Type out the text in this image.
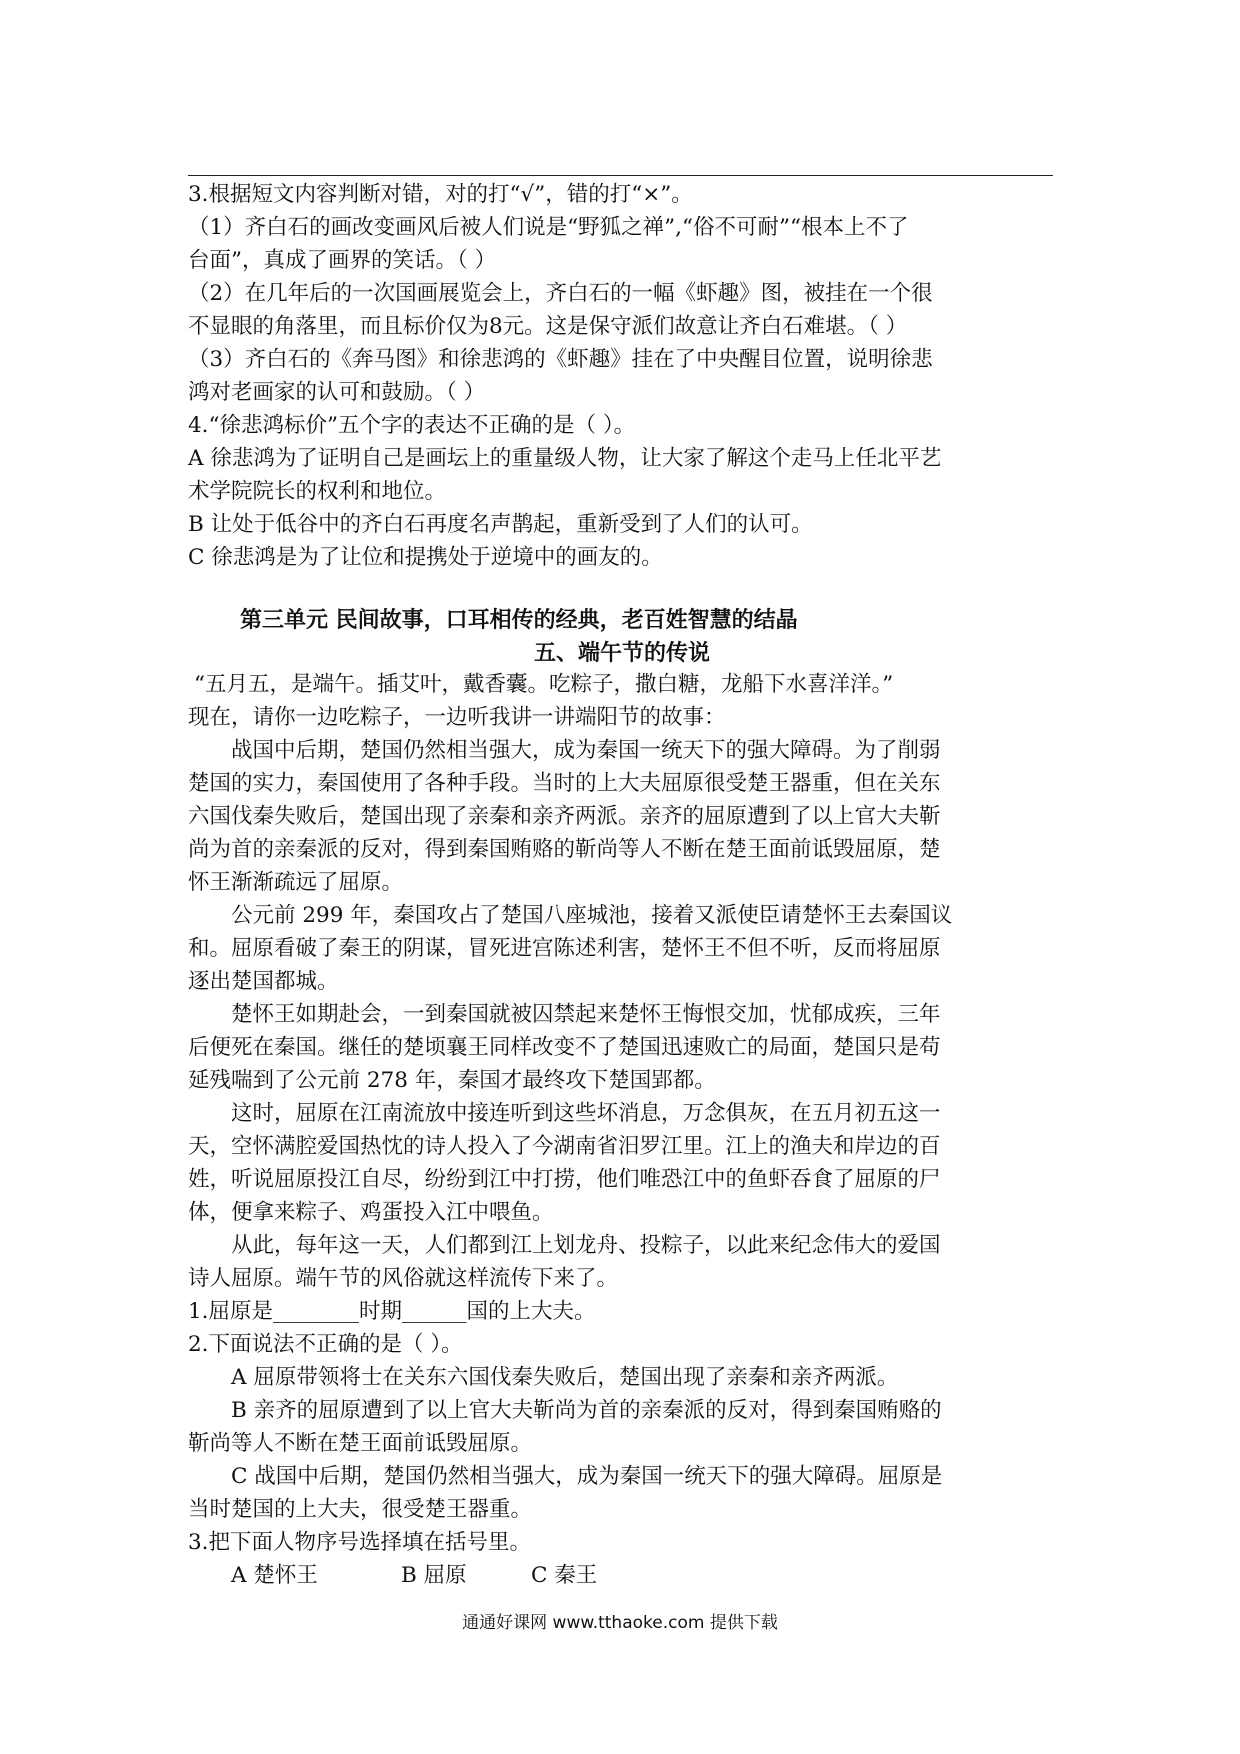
3.根据短文内容判断对错，对的打“√”，错的打“×”。
（1）齐白石的画改变画风后被人们说是“野狐之禅”,“俗不可耐”“根本上不了
台面”，真成了画界的笑话。（ ）
（2）在几年后的一次国画展览会上，齐白石的一幅《虾趣》图，被挂在一个很
不显眼的角落里，而且标价仅为8元。这是保守派们故意让齐白石难堪。（ ）
（3）齐白石的《奔马图》和徐悲鸿的《虾趣》挂在了中央醒目位置，说明徐悲
鸿对老画家的认可和鼓励。（ ）
4.“徐悲鸿标价”五个字的表达不正确的是（ ）。
A 徐悲鸿为了证明自己是画坛上的重量级人物，让大家了解这个走马上任北平艺
术学院院长的权利和地位。
B 让处于低谷中的齐白石再度名声鹊起，重新受到了人们的认可。
C 徐悲鸿是为了让位和提携处于逆境中的画友的。
第三单元 民间故事，口耳相传的经典，老百姓智慧的结晶
五、端午节的传说
“五月五，是端午。插艾叶，戴香囊。吃粽子，撒白糖，龙船下水喜洋洋。”
现在，请你一边吃粽子，一边听我讲一讲端阳节的故事：
战国中后期，楚国仍然相当强大，成为秦国一统天下的强大障碍。为了削弱
楚国的实力，秦国使用了各种手段。当时的上大夫屈原很受楚王器重，但在关东
六国伐秦失败后，楚国出现了亲秦和亲齐两派。亲齐的屈原遭到了以上官大夫靳
尚为首的亲秦派的反对，得到秦国贿赂的靳尚等人不断在楚王面前诋毁屈原，楚
怀王渐渐疏远了屈原。
公元前 299 年，秦国攻占了楚国八座城池，接着又派使臣请楚怀王去秦国议
和。屈原看破了秦王的阴谋，冒死进宫陈述利害，楚怀王不但不听，反而将屈原
逐出楚国都城。
楚怀王如期赴会，一到秦国就被囚禁起来楚怀王悔恨交加，忧郁成疾，三年
后便死在秦国。继任的楚顷襄王同样改变不了楚国迅速败亡的局面，楚国只是苟
延残喘到了公元前 278 年，秦国才最终攻下楚国郢都。
这时，屈原在江南流放中接连听到这些坏消息，万念俱灰，在五月初五这一
天，空怀满腔爱国热忱的诗人投入了今湖南省汨罗江里。江上的渔夫和岸边的百
姓，听说屈原投江自尽，纷纷到江中打捞，他们唯恐江中的鱼虾吞食了屈原的尸
体，便拿来粽子、鸡蛋投入江中喂鱼。
从此，每年这一天，人们都到江上划龙舟、投粽子，以此来纪念伟大的爱国
诗人屈原。端午节的风俗就这样流传下来了。
1.屈原是________时期______国的上大夫。
2.下面说法不正确的是（ ）。
A 屈原带领将士在关东六国伐秦失败后，楚国出现了亲秦和亲齐两派。
B 亲齐的屈原遭到了以上官大夫靳尚为首的亲秦派的反对，得到秦国贿赂的
靳尚等人不断在楚王面前诋毁屈原。
C 战国中后期，楚国仍然相当强大，成为秦国一统天下的强大障碍。屈原是
当时楚国的上大夫，很受楚王器重。
3.把下面人物序号选择填在括号里。
A 楚怀王	B 屈原	C 秦王
通通好课网 www.tthaoke.com 提供下载
